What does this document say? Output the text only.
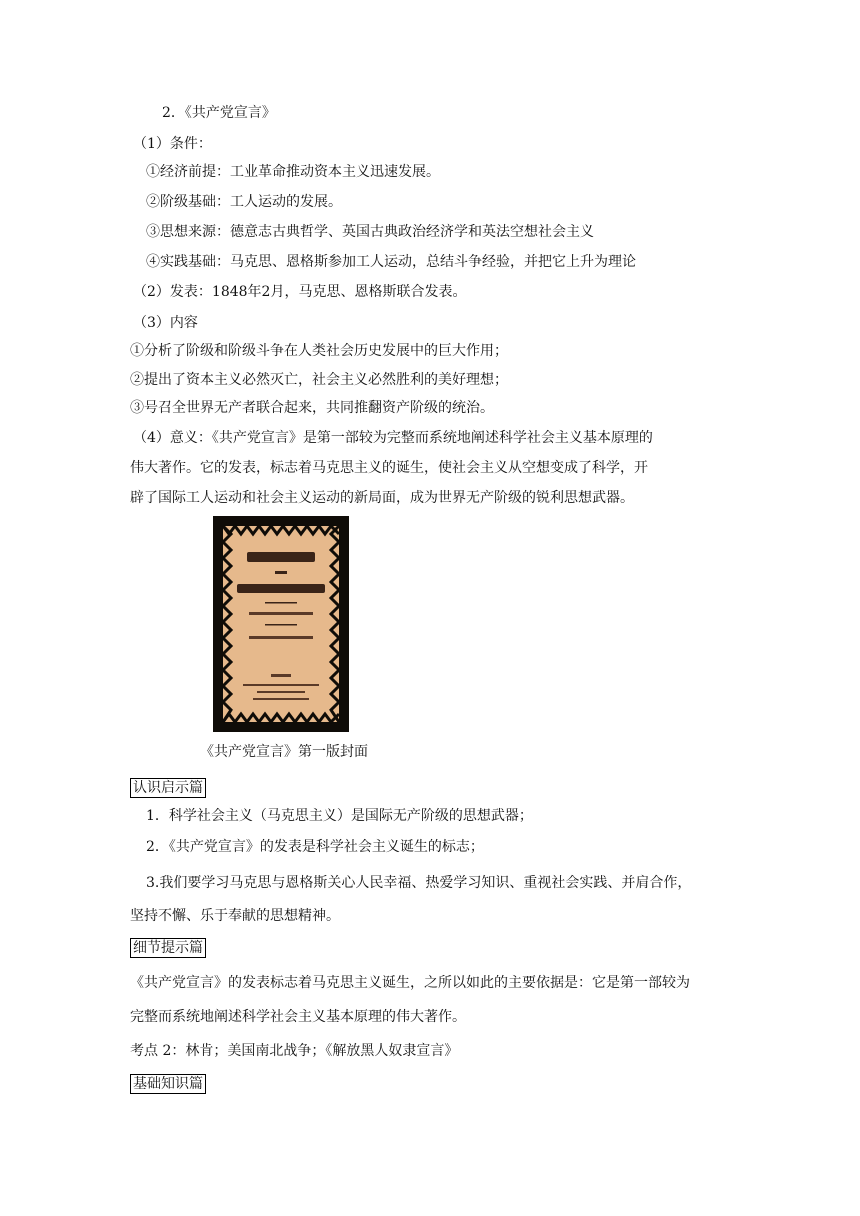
2．《共产党宣言》
（1）条件：
①经济前提：工业革命推动资本主义迅速发展。
②阶级基础：工人运动的发展。
③思想来源：德意志古典哲学、英国古典政治经济学和英法空想社会主义
④实践基础：马克思、恩格斯参加工人运动，总结斗争经验，并把它上升为理论
（2）发表：1848年2月，马克思、恩格斯联合发表。
（3）内容
①分析了阶级和阶级斗争在人类社会历史发展中的巨大作用；
②提出了资本主义必然灭亡，社会主义必然胜利的美好理想；
③号召全世界无产者联合起来，共同推翻资产阶级的统治。
（4）意义：《共产党宣言》是第一部较为完整而系统地阐述科学社会主义基本原理的
伟大著作。它的发表，标志着马克思主义的诞生，使社会主义从空想变成了科学，开
辟了国际工人运动和社会主义运动的新局面，成为世界无产阶级的锐利思想武器。
《共产党宣言》第一版封面
认识启示篇
1．科学社会主义（马克思主义）是国际无产阶级的思想武器；
2．《共产党宣言》的发表是科学社会主义诞生的标志；
3.我们要学习马克思与恩格斯关心人民幸福、热爱学习知识、重视社会实践、并肩合作，
坚持不懈、乐于奉献的思想精神。
细节提示篇
《共产党宣言》的发表标志着马克思主义诞生，之所以如此的主要依据是：它是第一部较为
完整而系统地阐述科学社会主义基本原理的伟大著作。
考点 2：林肯；美国南北战争；《解放黑人奴隶宣言》
基础知识篇
